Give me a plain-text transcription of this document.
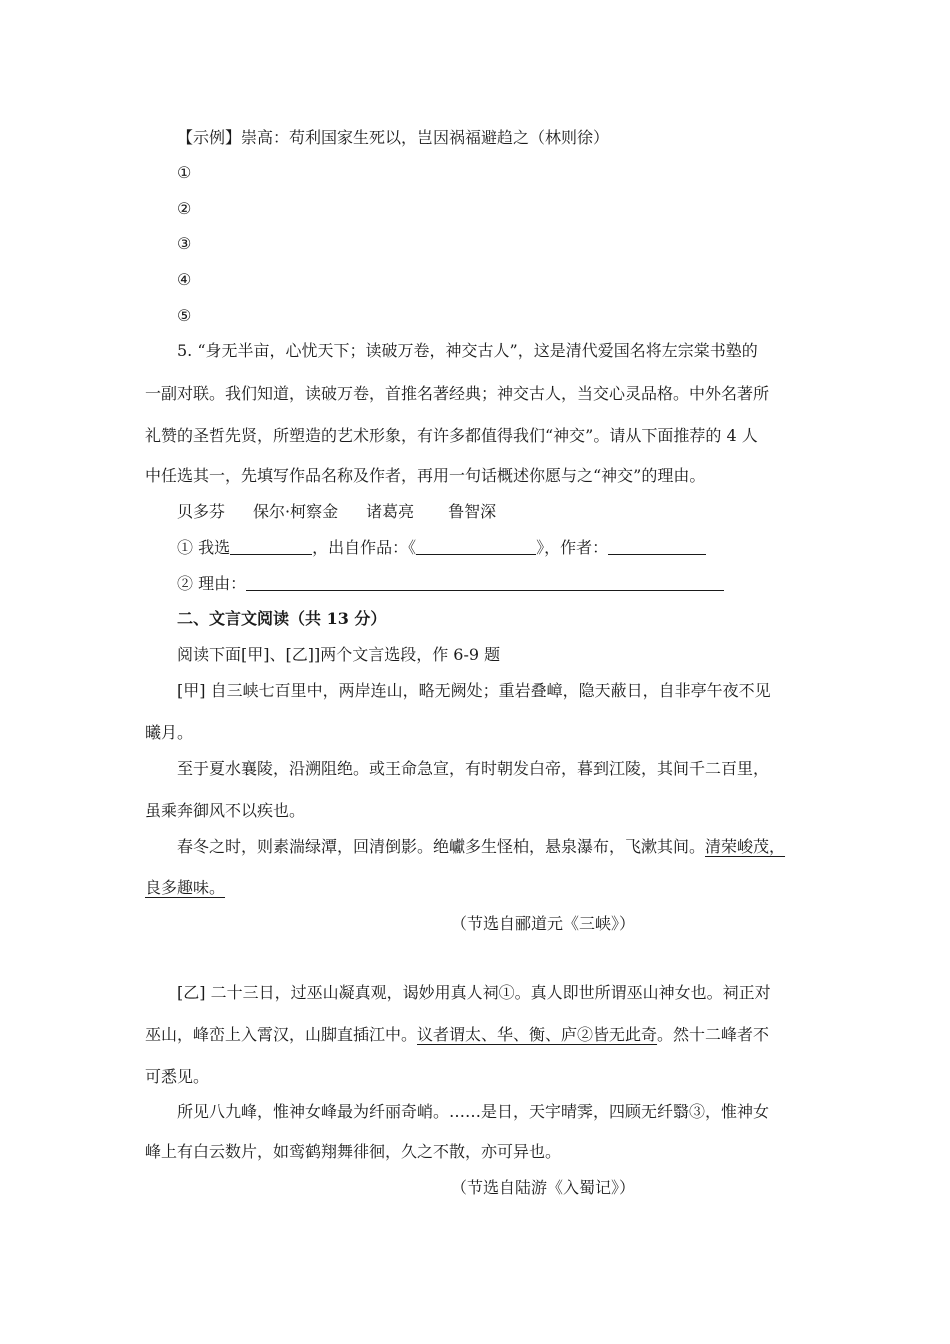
【示例】崇高：苟利国家生死以，岂因祸福避趋之（林则徐）
①
②
③
④
⑤
5. “身无半亩，心忧天下；读破万卷，神交古人”，这是清代爱国名将左宗棠书塾的
一副对联。我们知道，读破万卷，首推名著经典；神交古人，当交心灵品格。中外名著所
礼赞的圣哲先贤，所塑造的艺术形象，有许多都值得我们“神交”。请从下面推荐的 4 人
中任选其一，先填写作品名称及作者，再用一句话概述你愿与之“神交”的理由。
贝多芬 保尔·柯察金 诸葛亮 鲁智深
① 我选	，出自作品：《	》，作者：
② 理由：
二、文言文阅读（共 13 分）
阅读下面[甲]、[乙]]两个文言选段，作 6-9 题
[甲] 自三峡七百里中，两岸连山，略无阙处；重岩叠嶂，隐天蔽日，自非亭午夜不见
曦月。
至于夏水襄陵，沿溯阻绝。或王命急宣，有时朝发白帝，暮到江陵，其间千二百里，
虽乘奔御风不以疾也。
春冬之时，则素湍绿潭，回清倒影。绝巘多生怪柏，悬泉瀑布，飞漱其间。清荣峻茂，
良多趣味。
（节选自郦道元《三峡》）
[乙] 二十三日，过巫山凝真观，谒妙用真人祠①。真人即世所谓巫山神女也。祠正对
巫山，峰峦上入霄汉，山脚直插江中。议者谓太、华、衡、庐②皆无此奇。然十二峰者不
可悉见。
所见八九峰，惟神女峰最为纤丽奇峭。……是日，天宇晴霁，四顾无纤翳③，惟神女
峰上有白云数片，如鸾鹤翔舞徘徊，久之不散，亦可异也。
（节选自陆游《入蜀记》）
